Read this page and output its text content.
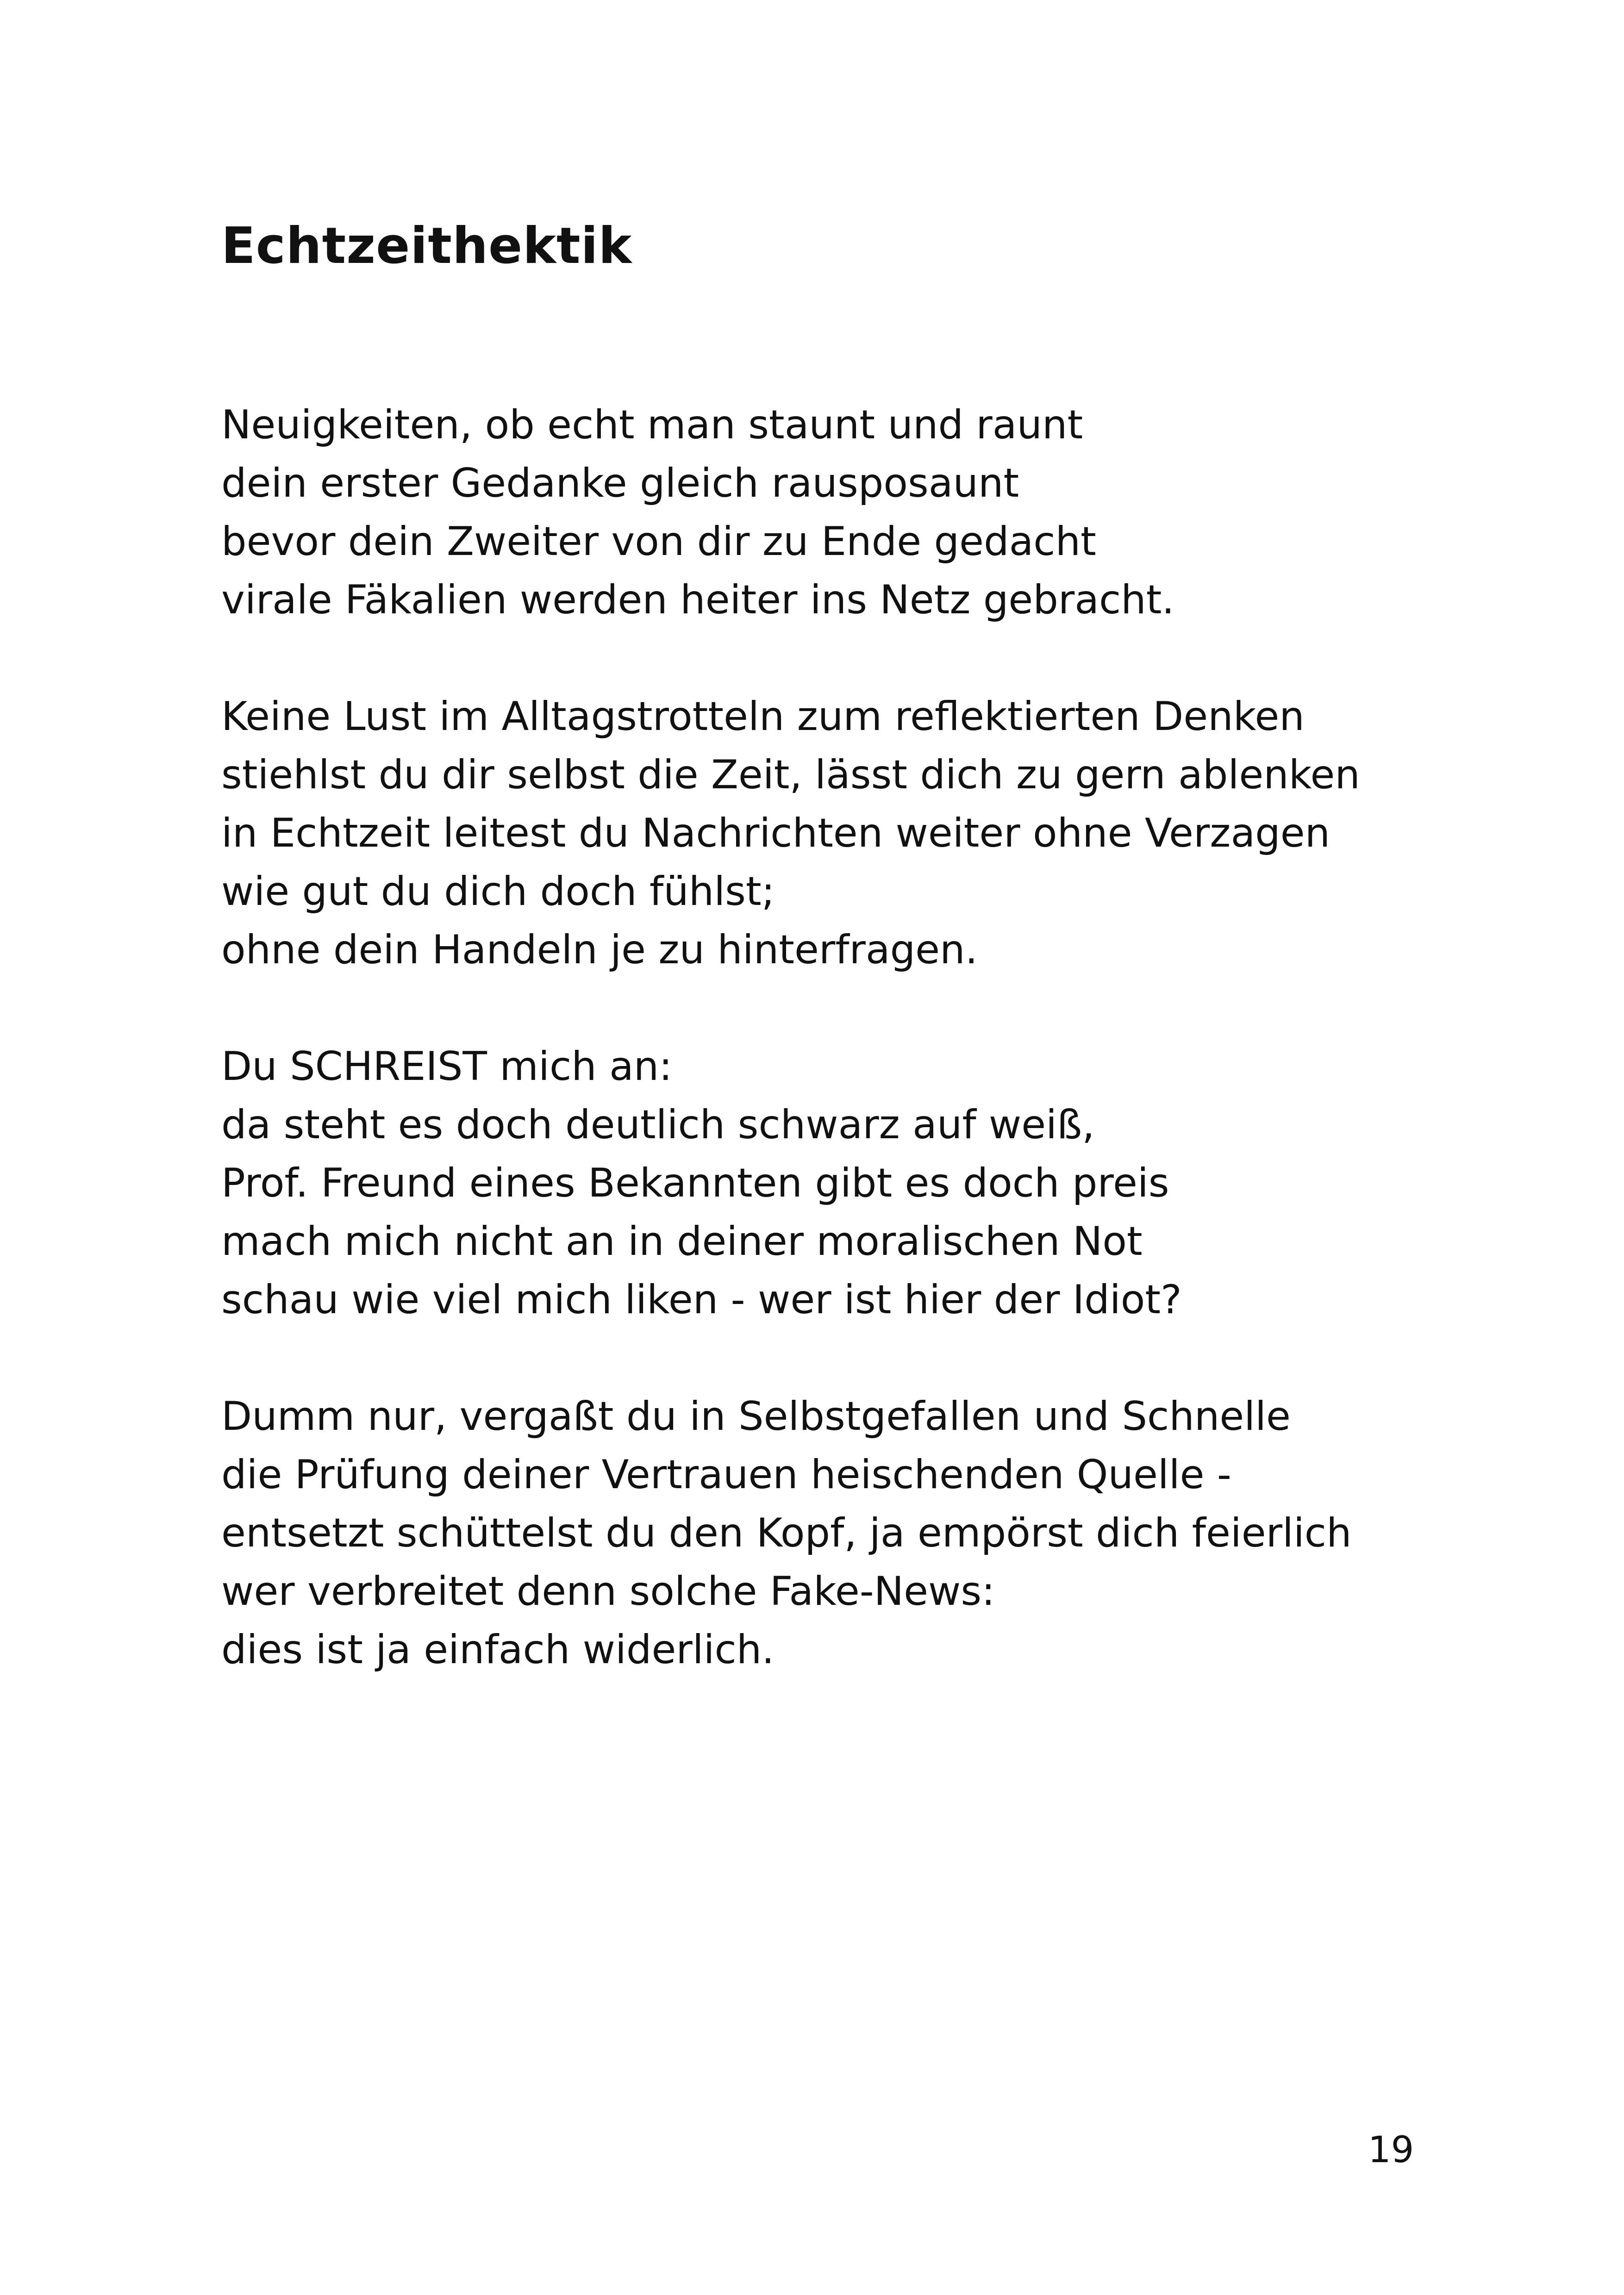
Echtzeithektik
Neuigkeiten, ob echt man staunt und raunt
dein erster Gedanke gleich rausposaunt
bevor dein Zweiter von dir zu Ende gedacht
virale Fäkalien werden heiter ins Netz gebracht.
Keine Lust im Alltagstrotteln zum reflektierten Denken
stiehlst du dir selbst die Zeit, lässt dich zu gern ablenken
in Echtzeit leitest du Nachrichten weiter ohne Verzagen
wie gut du dich doch fühlst;
ohne dein Handeln je zu hinterfragen.
Du SCHREIST mich an:
da steht es doch deutlich schwarz auf weiß,
Prof. Freund eines Bekannten gibt es doch preis
mach mich nicht an in deiner moralischen Not
schau wie viel mich liken - wer ist hier der Idiot?
Dumm nur, vergaßt du in Selbstgefallen und Schnelle
die Prüfung deiner Vertrauen heischenden Quelle -
entsetzt schüttelst du den Kopf, ja empörst dich feierlich
wer verbreitet denn solche Fake-News:
dies ist ja einfach widerlich.
19
